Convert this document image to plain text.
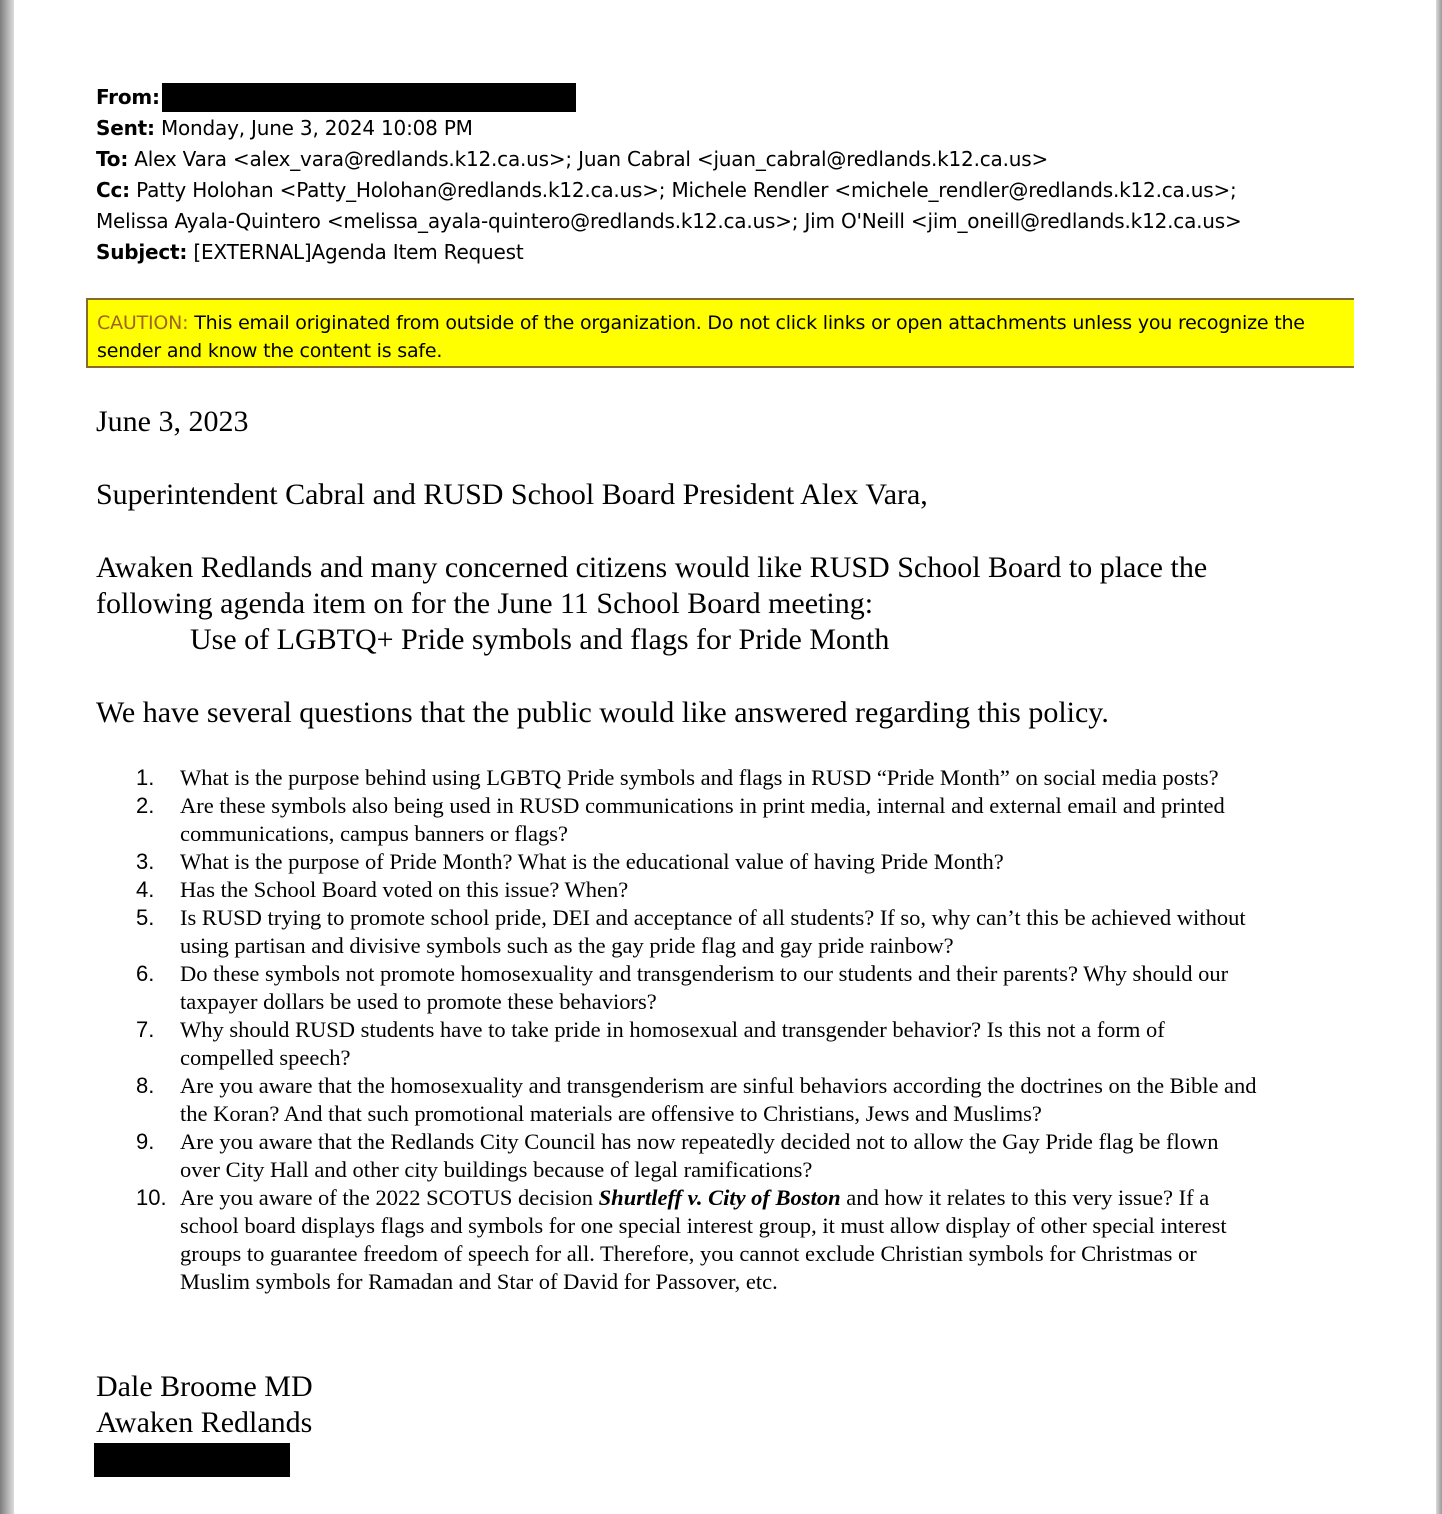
From:
Sent: Monday, June 3, 2024 10:08 PM
To: Alex Vara <alex_vara@redlands.k12.ca.us>; Juan Cabral <juan_cabral@redlands.k12.ca.us>
Cc: Patty Holohan <Patty_Holohan@redlands.k12.ca.us>; Michele Rendler <michele_rendler@redlands.k12.ca.us>;
Melissa Ayala-Quintero <melissa_ayala-quintero@redlands.k12.ca.us>; Jim O'Neill <jim_oneill@redlands.k12.ca.us>
Subject: [EXTERNAL]Agenda Item Request
CAUTION: This email originated from outside of the organization. Do not click links or open attachments unless you recognize the
sender and know the content is safe.
June 3, 2023
Superintendent Cabral and RUSD School Board President Alex Vara,
Awaken Redlands and many concerned citizens would like RUSD School Board to place the
following agenda item on for the June 11 School Board meeting:
Use of LGBTQ+ Pride symbols and flags for Pride Month
We have several questions that the public would like answered regarding this policy.
1. What is the purpose behind using LGBTQ Pride symbols and flags in RUSD “Pride Month” on social media posts?
2. Are these symbols also being used in RUSD communications in print media, internal and external email and printed
communications, campus banners or flags?
3. What is the purpose of Pride Month? What is the educational value of having Pride Month?
4. Has the School Board voted on this issue? When?
5. Is RUSD trying to promote school pride, DEI and acceptance of all students? If so, why can’t this be achieved without
using partisan and divisive symbols such as the gay pride flag and gay pride rainbow?
6. Do these symbols not promote homosexuality and transgenderism to our students and their parents? Why should our
taxpayer dollars be used to promote these behaviors?
7. Why should RUSD students have to take pride in homosexual and transgender behavior? Is this not a form of
compelled speech?
8. Are you aware that the homosexuality and transgenderism are sinful behaviors according the doctrines on the Bible and
the Koran? And that such promotional materials are offensive to Christians, Jews and Muslims?
9. Are you aware that the Redlands City Council has now repeatedly decided not to allow the Gay Pride flag be flown
over City Hall and other city buildings because of legal ramifications?
10. Are you aware of the 2022 SCOTUS decision Shurtleff v. City of Boston and how it relates to this very issue? If a
school board displays flags and symbols for one special interest group, it must allow display of other special interest
groups to guarantee freedom of speech for all. Therefore, you cannot exclude Christian symbols for Christmas or
Muslim symbols for Ramadan and Star of David for Passover, etc.
Dale Broome MD
Awaken Redlands
